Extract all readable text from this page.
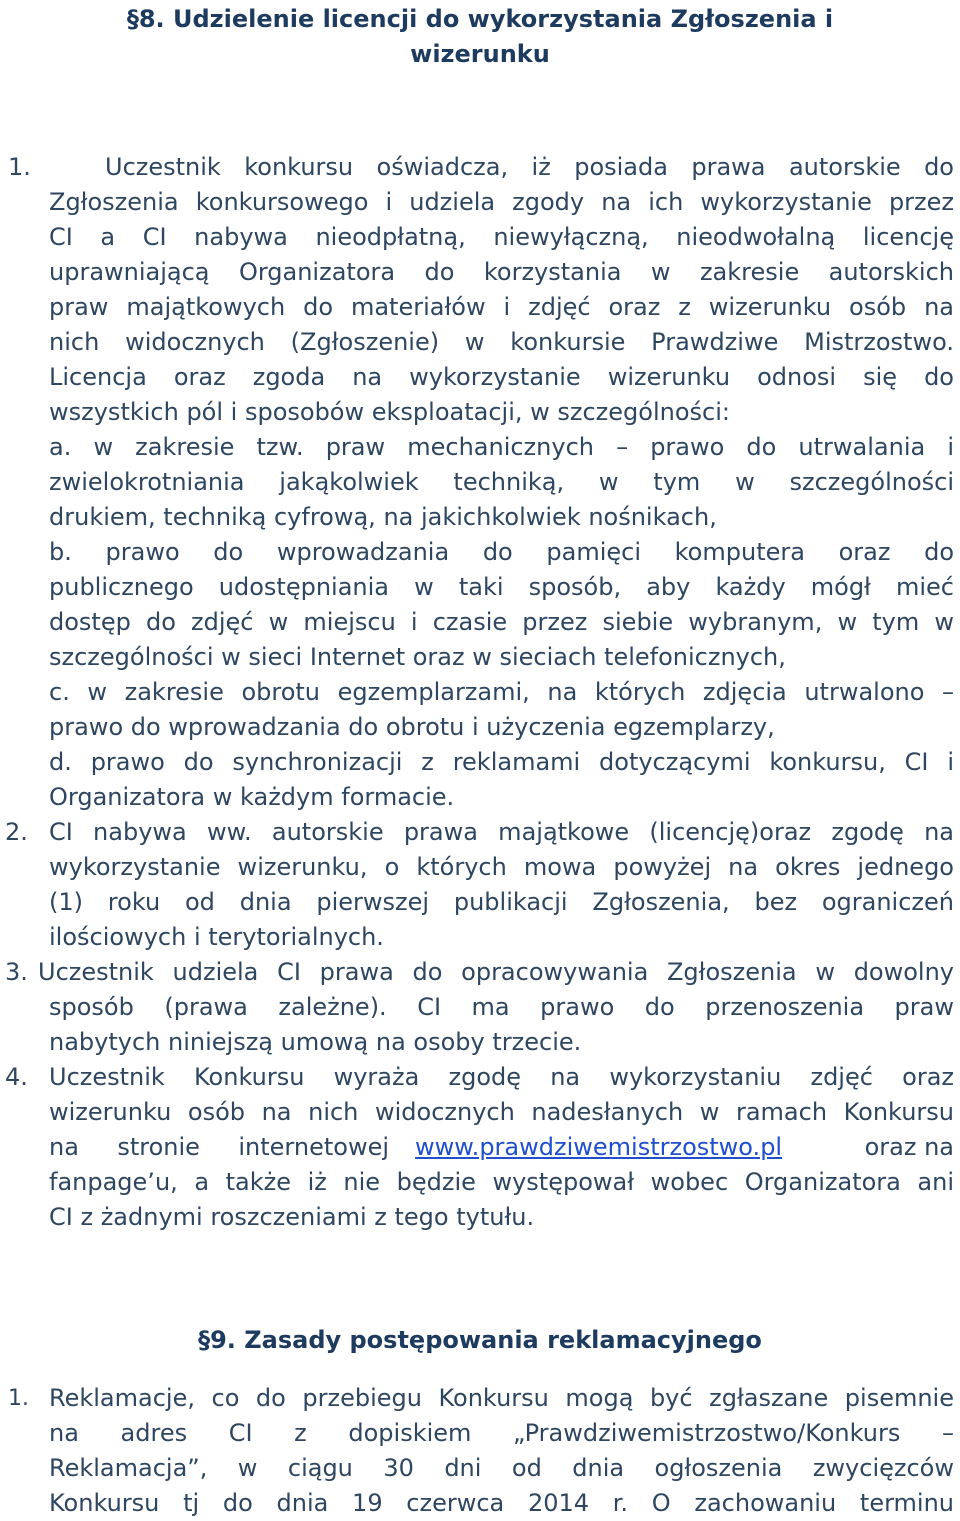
§8. Udzielenie licencji do wykorzystania Zgłoszenia i
wizerunku
1.	Uczestnik konkursu oświadcza, iż posiada prawa autorskie do
Zgłoszenia konkursowego i udziela zgody na ich wykorzystanie przez
CI a CI nabywa nieodpłatną, niewyłączną, nieodwołalną licencję
uprawniającą Organizatora do korzystania w zakresie autorskich
praw majątkowych do materiałów i zdjęć oraz z wizerunku osób na
nich widocznych (Zgłoszenie) w konkursie Prawdziwe Mistrzostwo.
Licencja oraz zgoda na wykorzystanie wizerunku odnosi się do
wszystkich pól i sposobów eksploatacji, w szczególności:
a. w zakresie tzw. praw mechanicznych – prawo do utrwalania i
zwielokrotniania jakąkolwiek techniką, w tym w szczególności
drukiem, techniką cyfrową, na jakichkolwiek nośnikach,
b. prawo do wprowadzania do pamięci komputera oraz do
publicznego udostępniania w taki sposób, aby każdy mógł mieć
dostęp do zdjęć w miejscu i czasie przez siebie wybranym, w tym w
szczególności w sieci Internet oraz w sieciach telefonicznych,
c. w zakresie obrotu egzemplarzami, na których zdjęcia utrwalono –
prawo do wprowadzania do obrotu i użyczenia egzemplarzy,
d. prawo do synchronizacji z reklamami dotyczącymi konkursu, CI i
Organizatora w każdym formacie.
2. CI nabywa ww. autorskie prawa majątkowe (licencję)oraz zgodę na
wykorzystanie wizerunku, o których mowa powyżej na okres jednego
(1) roku od dnia pierwszej publikacji Zgłoszenia, bez ograniczeń
ilościowych i terytorialnych.
3. Uczestnik udziela CI prawa do opracowywania Zgłoszenia w dowolny
sposób (prawa zależne). CI ma prawo do przenoszenia praw
nabytych niniejszą umową na osoby trzecie.
4. Uczestnik Konkursu wyraża zgodę na wykorzystaniu zdjęć oraz
wizerunku osób na nich widocznych nadesłanych w ramach Konkursu
na stronie internetowej www.prawdziwemistrzostwo.pl	oraz na
fanpage’u, a także iż nie będzie występował wobec Organizatora ani
CI z żadnymi roszczeniami z tego tytułu.
§9. Zasady postępowania reklamacyjnego
1. Reklamacje, co do przebiegu Konkursu mogą być zgłaszane pisemnie
na adres CI z dopiskiem „Prawdziwemistrzostwo/Konkurs –
Reklamacja”, w ciągu 30 dni od dnia ogłoszenia zwycięzców
Konkursu tj do dnia 19 czerwca 2014 r. O zachowaniu terminu
